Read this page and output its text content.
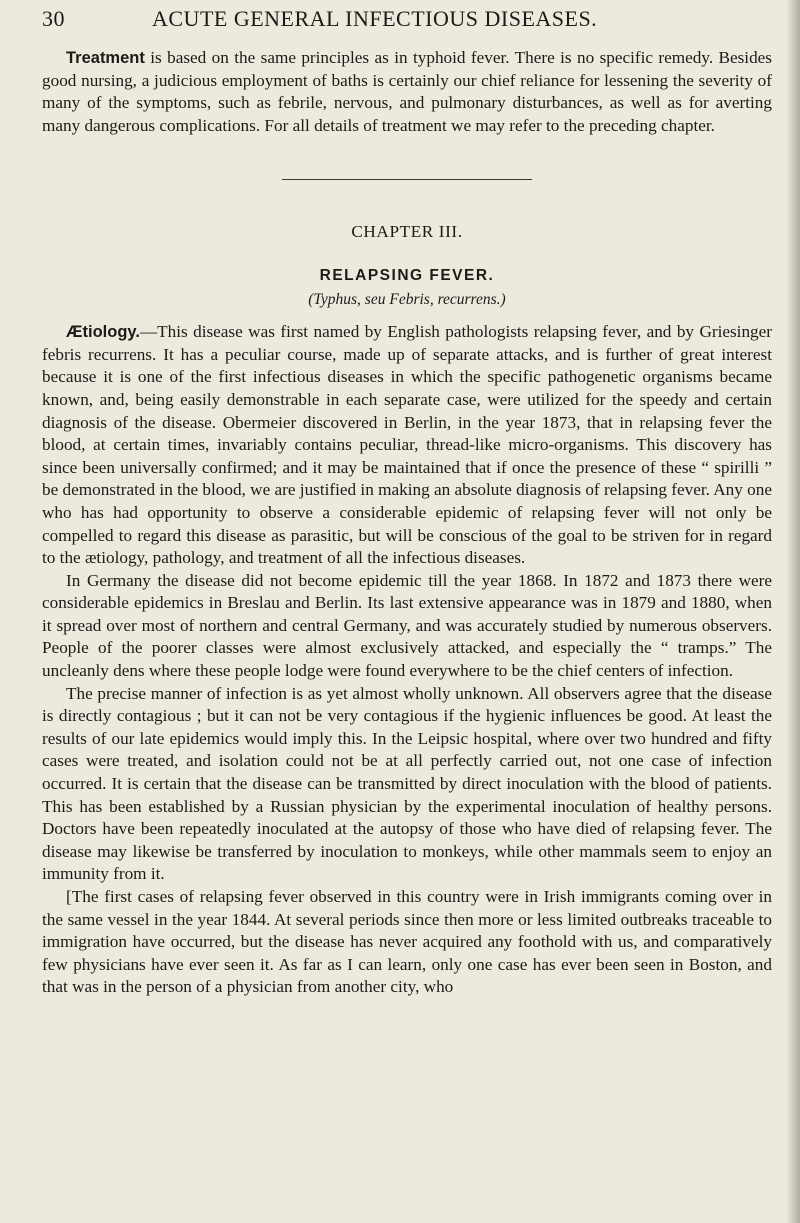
30	ACUTE GENERAL INFECTIOUS DISEASES.

Treatment is based on the same principles as in typhoid fever. There is no specific remedy. Besides good nursing, a judicious employment of baths is certainly our chief reliance for lessening the severity of many of the symptoms, such as febrile, nervous, and pulmonary disturbances, as well as for averting many dangerous complications. For all details of treatment we may refer to the preceding chapter.

CHAPTER III.

RELAPSING FEVER.

(Typhus, seu Febris, recurrens.)

Ætiology.—This disease was first named by English pathologists relapsing fever, and by Griesinger febris recurrens. It has a peculiar course, made up of separate attacks, and is further of great interest because it is one of the first infectious diseases in which the specific pathogenetic organisms became known, and, being easily demonstrable in each separate case, were utilized for the speedy and certain diagnosis of the disease. Obermeier discovered in Berlin, in the year 1873, that in relapsing fever the blood, at certain times, invariably contains peculiar, thread-like micro-organisms. This discovery has since been universally confirmed; and it may be maintained that if once the presence of these “ spirilli ” be demonstrated in the blood, we are justified in making an absolute diagnosis of relapsing fever. Any one who has had opportunity to observe a considerable epidemic of relapsing fever will not only be compelled to regard this disease as parasitic, but will be conscious of the goal to be striven for in regard to the ætiology, pathology, and treatment of all the infectious diseases.

In Germany the disease did not become epidemic till the year 1868. In 1872 and 1873 there were considerable epidemics in Breslau and Berlin. Its last extensive appearance was in 1879 and 1880, when it spread over most of northern and central Germany, and was accurately studied by numerous observers. People of the poorer classes were almost exclusively attacked, and especially the “ tramps.” The uncleanly dens where these people lodge were found everywhere to be the chief centers of infection.

The precise manner of infection is as yet almost wholly unknown. All observers agree that the disease is directly contagious ; but it can not be very contagious if the hygienic influences be good. At least the results of our late epidemics would imply this. In the Leipsic hospital, where over two hundred and fifty cases were treated, and isolation could not be at all perfectly carried out, not one case of infection occurred. It is certain that the disease can be transmitted by direct inoculation with the blood of patients. This has been established by a Russian physician by the experimental inoculation of healthy persons. Doctors have been repeatedly inoculated at the autopsy of those who have died of relapsing fever. The disease may likewise be transferred by inoculation to monkeys, while other mammals seem to enjoy an immunity from it.

[The first cases of relapsing fever observed in this country were in Irish immigrants coming over in the same vessel in the year 1844. At several periods since then more or less limited outbreaks traceable to immigration have occurred, but the disease has never acquired any foothold with us, and comparatively few physicians have ever seen it. As far as I can learn, only one case has ever been seen in Boston, and that was in the person of a physician from another city, who
